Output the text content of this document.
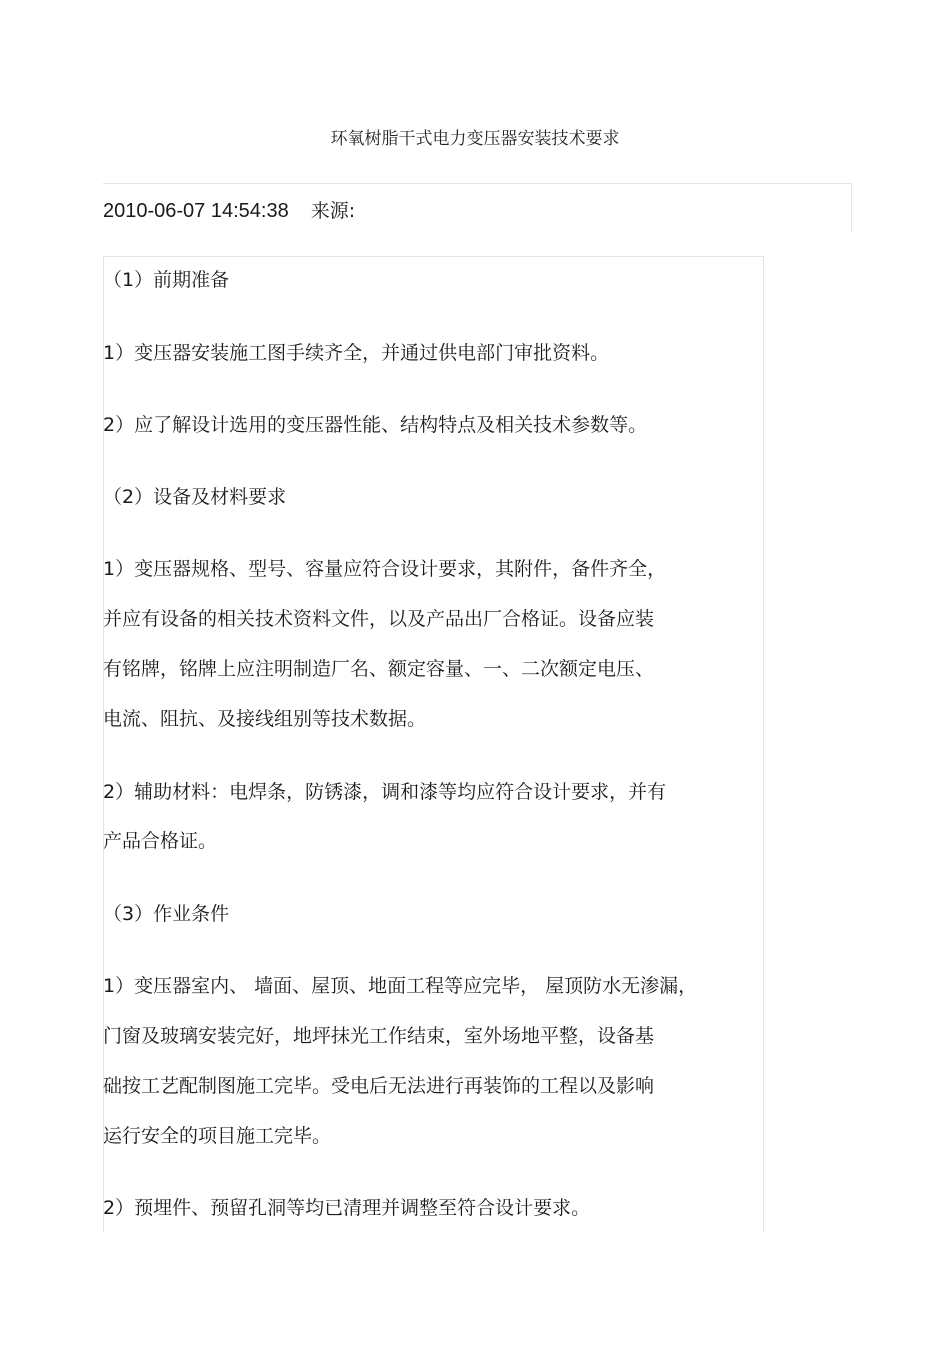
环氧树脂干式电力变压器安装技术要求
2010-06-07 14:54:38 来源:
（1）前期准备
1）变压器安装施工图手续齐全，并通过供电部门审批资料。
2）应了解设计选用的变压器性能、结构特点及相关技术参数等。
（2）设备及材料要求
1）变压器规格、型号、容量应符合设计要求，其附件，备件齐全，
并应有设备的相关技术资料文件，以及产品出厂合格证。设备应装
有铭牌，铭牌上应注明制造厂名、额定容量、一、二次额定电压、
电流、阻抗、及接线组别等技术数据。
2）辅助材料：电焊条，防锈漆，调和漆等均应符合设计要求，并有
产品合格证。
（3）作业条件
1）变压器室内、 墙面、屋顶、地面工程等应完毕， 屋顶防水无渗漏，
门窗及玻璃安装完好，地坪抹光工作结束，室外场地平整，设备基
础按工艺配制图施工完毕。受电后无法进行再装饰的工程以及影响
运行安全的项目施工完毕。
2）预埋件、预留孔洞等均已清理并调整至符合设计要求。
